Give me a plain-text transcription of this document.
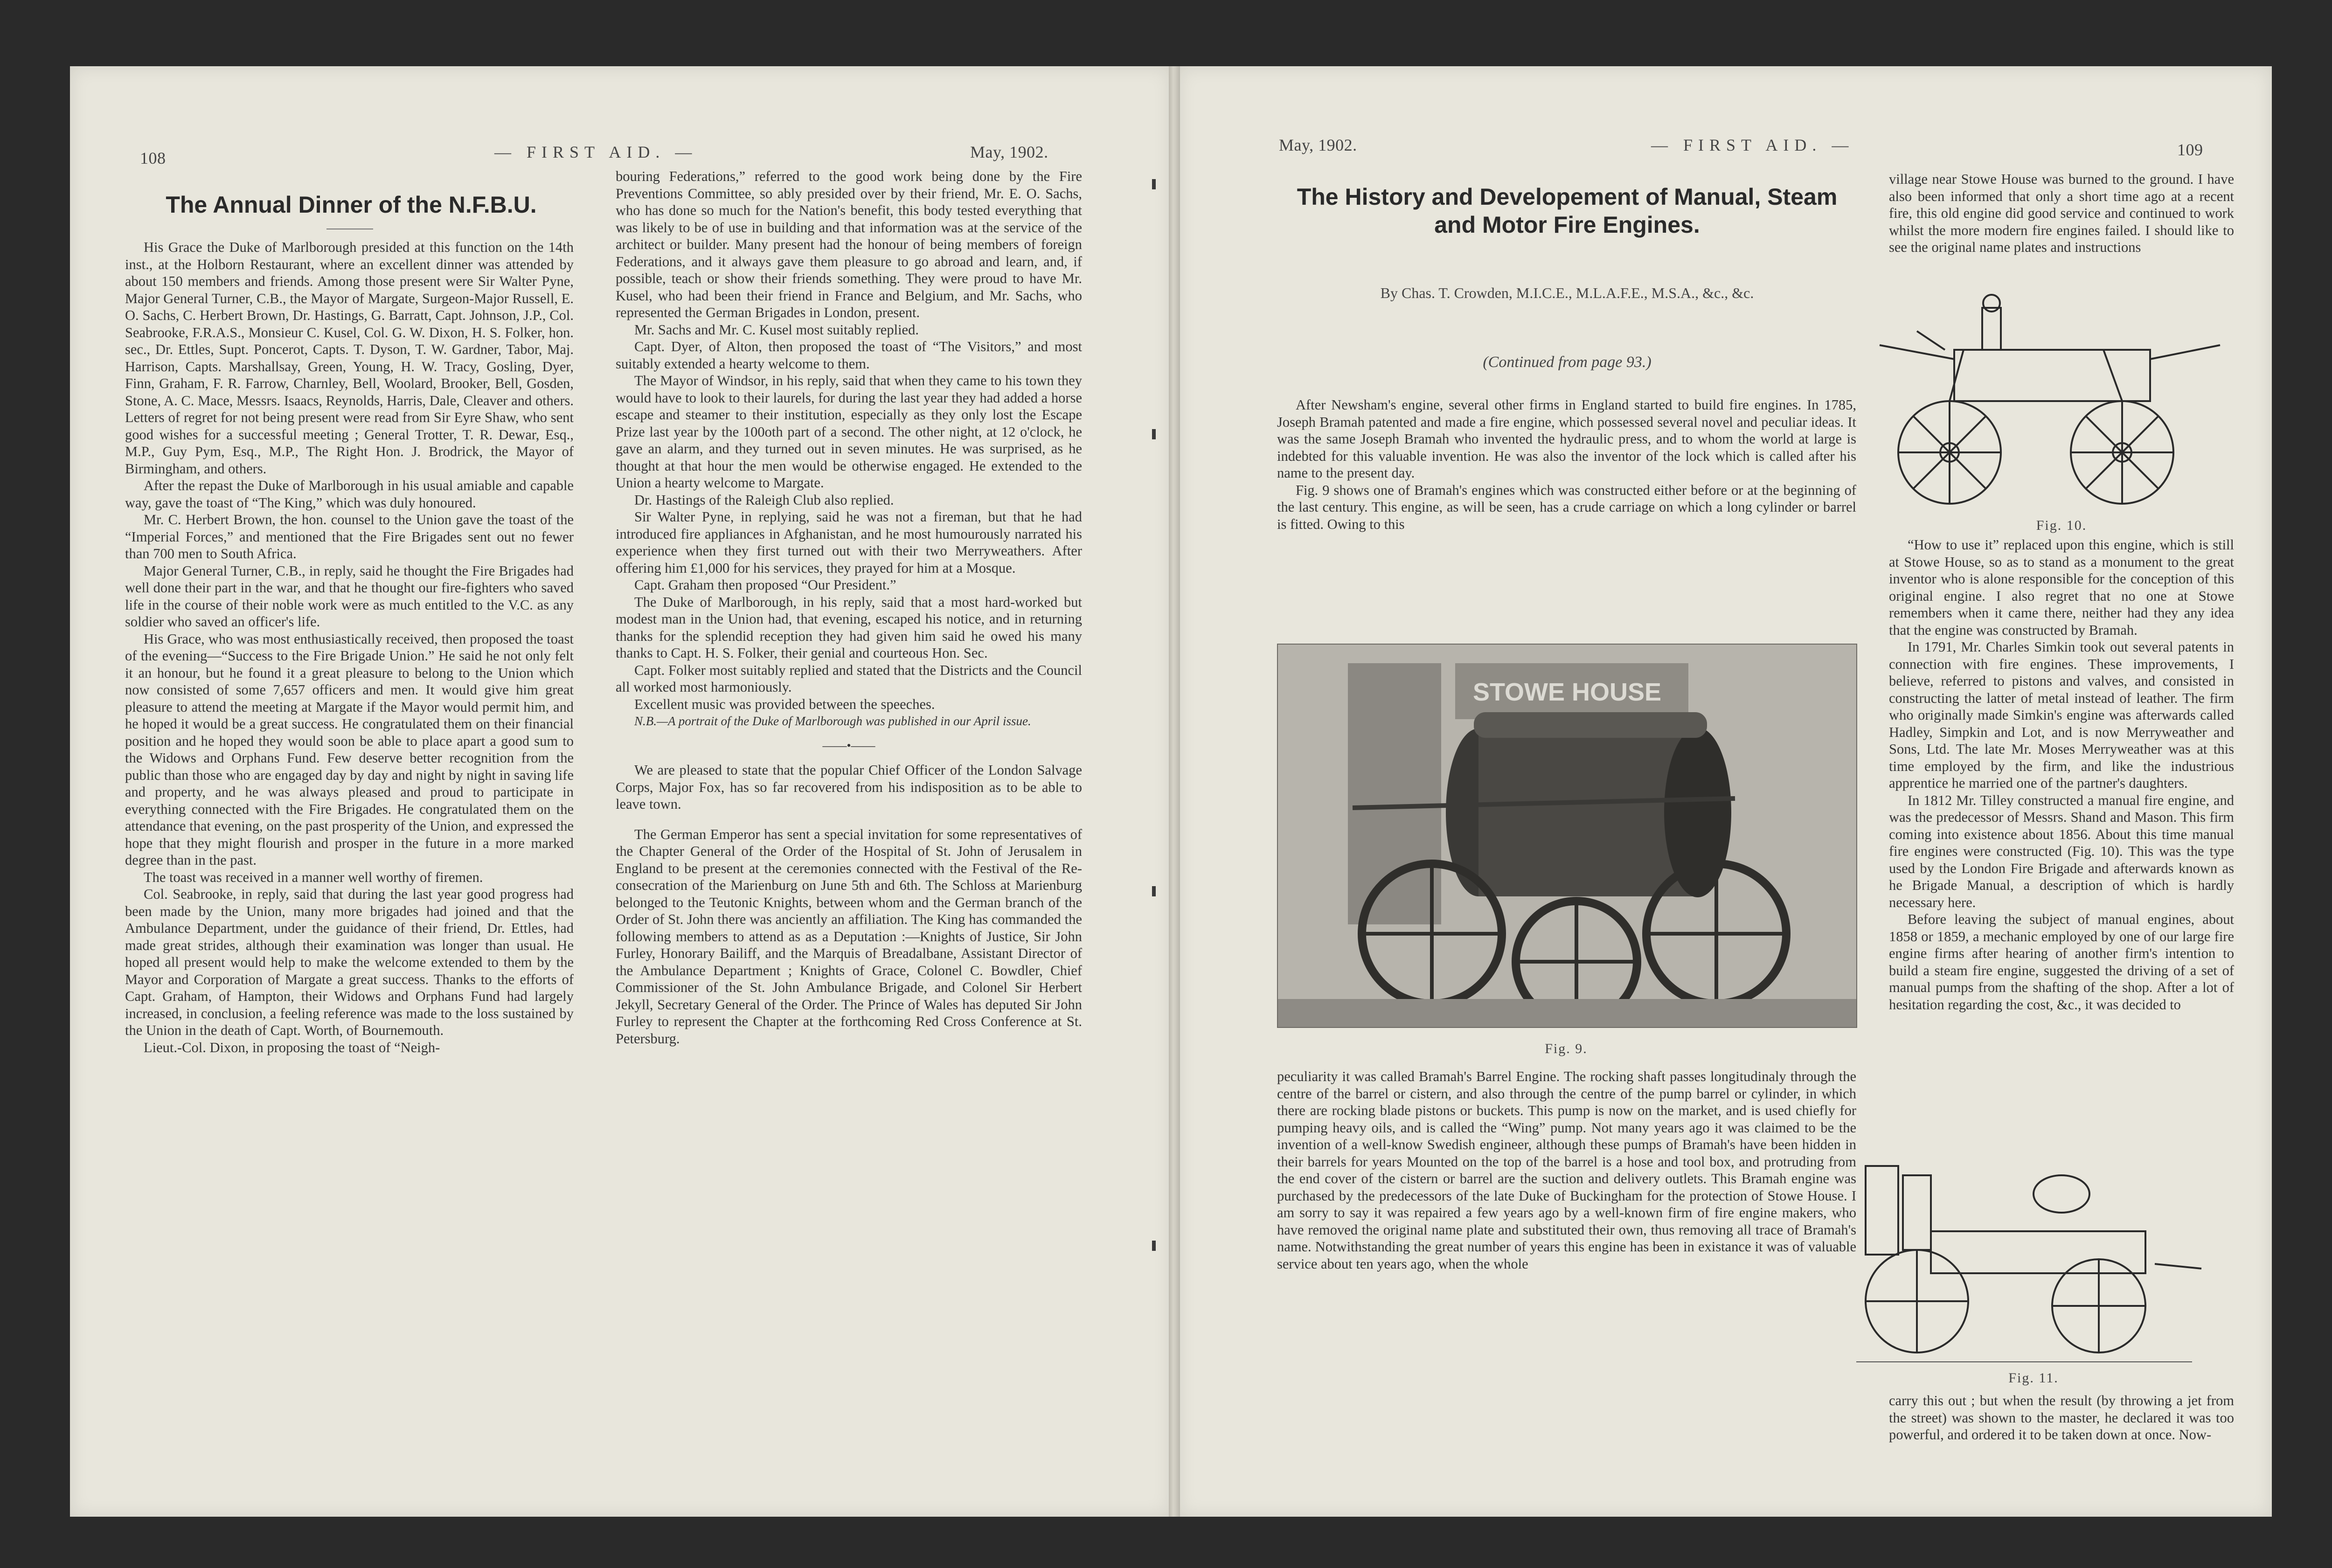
108	— FIRST AID. —	May, 1902.
The Annual Dinner of the N.F.B.U.

His Grace the Duke of Marlborough presided at this function on the 14th inst., at the Holborn Restaurant, where an excellent dinner was attended by about 150 members and friends. Among those present were Sir Walter Pyne, Major General Turner, C.B., the Mayor of Margate, Surgeon-Major Russell, E. O. Sachs, C. Herbert Brown, Dr. Hastings, G. Barratt, Capt. Johnson, J.P., Col. Seabrooke, F.R.A.S., Monsieur C. Kusel, Col. G. W. Dixon, H. S. Folker, hon. sec., Dr. Ettles, Supt. Poncerot, Capts. T. Dyson, T. W. Gardner, Tabor, Maj. Harrison, Capts. Marshallsay, Green, Young, H. W. Tracy, Gosling, Dyer, Finn, Graham, F. R. Farrow, Charnley, Bell, Woolard, Brooker, Bell, Gosden, Stone, A. C. Mace, Messrs. Isaacs, Reynolds, Harris, Dale, Cleaver and others. Letters of regret for not being present were read from Sir Eyre Shaw, who sent good wishes for a successful meeting ; General Trotter, T. R. Dewar, Esq., M.P., Guy Pym, Esq., M.P., The Right Hon. J. Brodrick, the Mayor of Birmingham, and others.

After the repast the Duke of Marlborough in his usual amiable and capable way, gave the toast of “The King,” which was duly honoured.

Mr. C. Herbert Brown, the hon. counsel to the Union gave the toast of the “Imperial Forces,” and mentioned that the Fire Brigades sent out no fewer than 700 men to South Africa.

Major General Turner, C.B., in reply, said he thought the Fire Brigades had well done their part in the war, and that he thought our fire-fighters who saved life in the course of their noble work were as much entitled to the V.C. as any soldier who saved an officer's life.

His Grace, who was most enthusiastically received, then proposed the toast of the evening—“Success to the Fire Brigade Union.” He said he not only felt it an honour, but he found it a great pleasure to belong to the Union which now consisted of some 7,657 officers and men. It would give him great pleasure to attend the meeting at Margate if the Mayor would permit him, and he hoped it would be a great success. He congratulated them on their financial position and he hoped they would soon be able to place apart a good sum to the Widows and Orphans Fund. Few deserve better recognition from the public than those who are engaged day by day and night by night in saving life and property, and he was always pleased and proud to participate in everything connected with the Fire Brigades. He congratulated them on the attendance that evening, on the past prosperity of the Union, and expressed the hope that they might flourish and prosper in the future in a more marked degree than in the past.

The toast was received in a manner well worthy of firemen.

Col. Seabrooke, in reply, said that during the last year good progress had been made by the Union, many more brigades had joined and that the Ambulance Department, under the guidance of their friend, Dr. Ettles, had made great strides, although their examination was longer than usual. He hoped all present would help to make the welcome extended to them by the Mayor and Corporation of Margate a great success. Thanks to the efforts of Capt. Graham, of Hampton, their Widows and Orphans Fund had largely increased, in conclusion, a feeling reference was made to the loss sustained by the Union in the death of Capt. Worth, of Bournemouth.

Lieut.-Col. Dixon, in proposing the toast of “Neigh-

bouring Federations,” referred to the good work being done by the Fire Preventions Committee, so ably presided over by their friend, Mr. E. O. Sachs, who has done so much for the Nation's benefit, this body tested everything that was likely to be of use in building and that information was at the service of the architect or builder. Many present had the honour of being members of foreign Federations, and it always gave them pleasure to go abroad and learn, and, if possible, teach or show their friends something. They were proud to have Mr. Kusel, who had been their friend in France and Belgium, and Mr. Sachs, who represented the German Brigades in London, present.

Mr. Sachs and Mr. C. Kusel most suitably replied.

Capt. Dyer, of Alton, then proposed the toast of “The Visitors,” and most suitably extended a hearty welcome to them.

The Mayor of Windsor, in his reply, said that when they came to his town they would have to look to their laurels, for during the last year they had added a horse escape and steamer to their institution, especially as they only lost the Escape Prize last year by the 100oth part of a second. The other night, at 12 o'clock, he gave an alarm, and they turned out in seven minutes. He was surprised, as he thought at that hour the men would be otherwise engaged. He extended to the Union a hearty welcome to Margate.

Dr. Hastings of the Raleigh Club also replied.

Sir Walter Pyne, in replying, said he was not a fireman, but that he had introduced fire appliances in Afghanistan, and he most humourously narrated his experience when they first turned out with their two Merryweathers. After offering him £1,000 for his services, they prayed for him at a Mosque.

Capt. Graham then proposed “Our President.”

The Duke of Marlborough, in his reply, said that a most hard-worked but modest man in the Union had, that evening, escaped his notice, and in returning thanks for the splendid reception they had given him said he owed his many thanks to Capt. H. S. Folker, their genial and courteous Hon. Sec.

Capt. Folker most suitably replied and stated that the Districts and the Council all worked most harmoniously.

Excellent music was provided between the speeches.

N.B.—A portrait of the Duke of Marlborough was published in our April issue.

——•——

We are pleased to state that the popular Chief Officer of the London Salvage Corps, Major Fox, has so far recovered from his indisposition as to be able to leave town.

The German Emperor has sent a special invitation for some representatives of the Chapter General of the Order of the Hospital of St. John of Jerusalem in England to be present at the ceremonies connected with the Festival of the Re-consecration of the Marienburg on June 5th and 6th. The Schloss at Marienburg belonged to the Teutonic Knights, between whom and the German branch of the Order of St. John there was anciently an affiliation. The King has commanded the following members to attend as as a Deputation :—Knights of Justice, Sir John Furley, Honorary Bailiff, and the Marquis of Breadalbane, Assistant Director of the Ambulance Department ; Knights of Grace, Colonel C. Bowdler, Chief Commissioner of the St. John Ambulance Brigade, and Colonel Sir Herbert Jekyll, Secretary General of the Order. The Prince of Wales has deputed Sir John Furley to represent the Chapter at the forthcoming Red Cross Conference at St. Petersburg.

May, 1902.	— FIRST AID. —	109
The History and Developement of Manual, Steam and Motor Fire Engines.
By Chas. T. Crowden, M.I.C.E., M.L.A.F.E., M.S.A., &c., &c.
(Continued from page 93.)

After Newsham's engine, several other firms in England started to build fire engines. In 1785, Joseph Bramah patented and made a fire engine, which possessed several novel and peculiar ideas. It was the same Joseph Bramah who invented the hydraulic press, and to whom the world at large is indebted for this valuable invention. He was also the inventor of the lock which is called after his name to the present day.

Fig. 9 shows one of Bramah's engines which was constructed either before or at the beginning of the last century. This engine, as will be seen, has a crude carriage on which a long cylinder or barrel is fitted. Owing to this

STOWE HOUSE
Fig. 9.

peculiarity it was called Bramah's Barrel Engine. The rocking shaft passes longitudinaly through the centre of the barrel or cistern, and also through the centre of the pump barrel or cylinder, in which there are rocking blade pistons or buckets. This pump is now on the market, and is used chiefly for pumping heavy oils, and is called the “Wing” pump. Not many years ago it was claimed to be the invention of a well-know Swedish engineer, although these pumps of Bramah's have been hidden in their barrels for years Mounted on the top of the barrel is a hose and tool box, and protruding from the end cover of the cistern or barrel are the suction and delivery outlets. This Bramah engine was purchased by the predecessors of the late Duke of Buckingham for the protection of Stowe House. I am sorry to say it was repaired a few years ago by a well-known firm of fire engine makers, who have removed the original name plate and substituted their own, thus removing all trace of Bramah's name. Notwithstanding the great number of years this engine has been in existance it was of valuable service about ten years ago, when the whole

village near Stowe House was burned to the ground. I have also been informed that only a short time ago at a recent fire, this old engine did good service and continued to work whilst the more modern fire engines failed. I should like to see the original name plates and instructions

Fig. 10.

“How to use it” replaced upon this engine, which is still at Stowe House, so as to stand as a monument to the great inventor who is alone responsible for the conception of this original engine. I also regret that no one at Stowe remembers when it came there, neither had they any idea that the engine was constructed by Bramah.

In 1791, Mr. Charles Simkin took out several patents in connection with fire engines. These improvements, I believe, referred to pistons and valves, and consisted in constructing the latter of metal instead of leather. The firm who originally made Simkin's engine was afterwards called Hadley, Simpkin and Lot, and is now Merryweather and Sons, Ltd. The late Mr. Moses Merryweather was at this time employed by the firm, and like the industrious apprentice he married one of the partner's daughters.

In 1812 Mr. Tilley constructed a manual fire engine, and was the predecessor of Messrs. Shand and Mason. This firm coming into existence about 1856. About this time manual fire engines were constructed (Fig. 10). This was the type used by the London Fire Brigade and afterwards known as he Brigade Manual, a description of which is hardly necessary here.

Before leaving the subject of manual engines, about 1858 or 1859, a mechanic employed by one of our large fire engine firms after hearing of another firm's intention to build a steam fire engine, suggested the driving of a set of manual pumps from the shafting of the shop. After a lot of hesitation regarding the cost, &c., it was decided to

Fig. 11.

carry this out ; but when the result (by throwing a jet from the street) was shown to the master, he declared it was too powerful, and ordered it to be taken down at once. Now-
